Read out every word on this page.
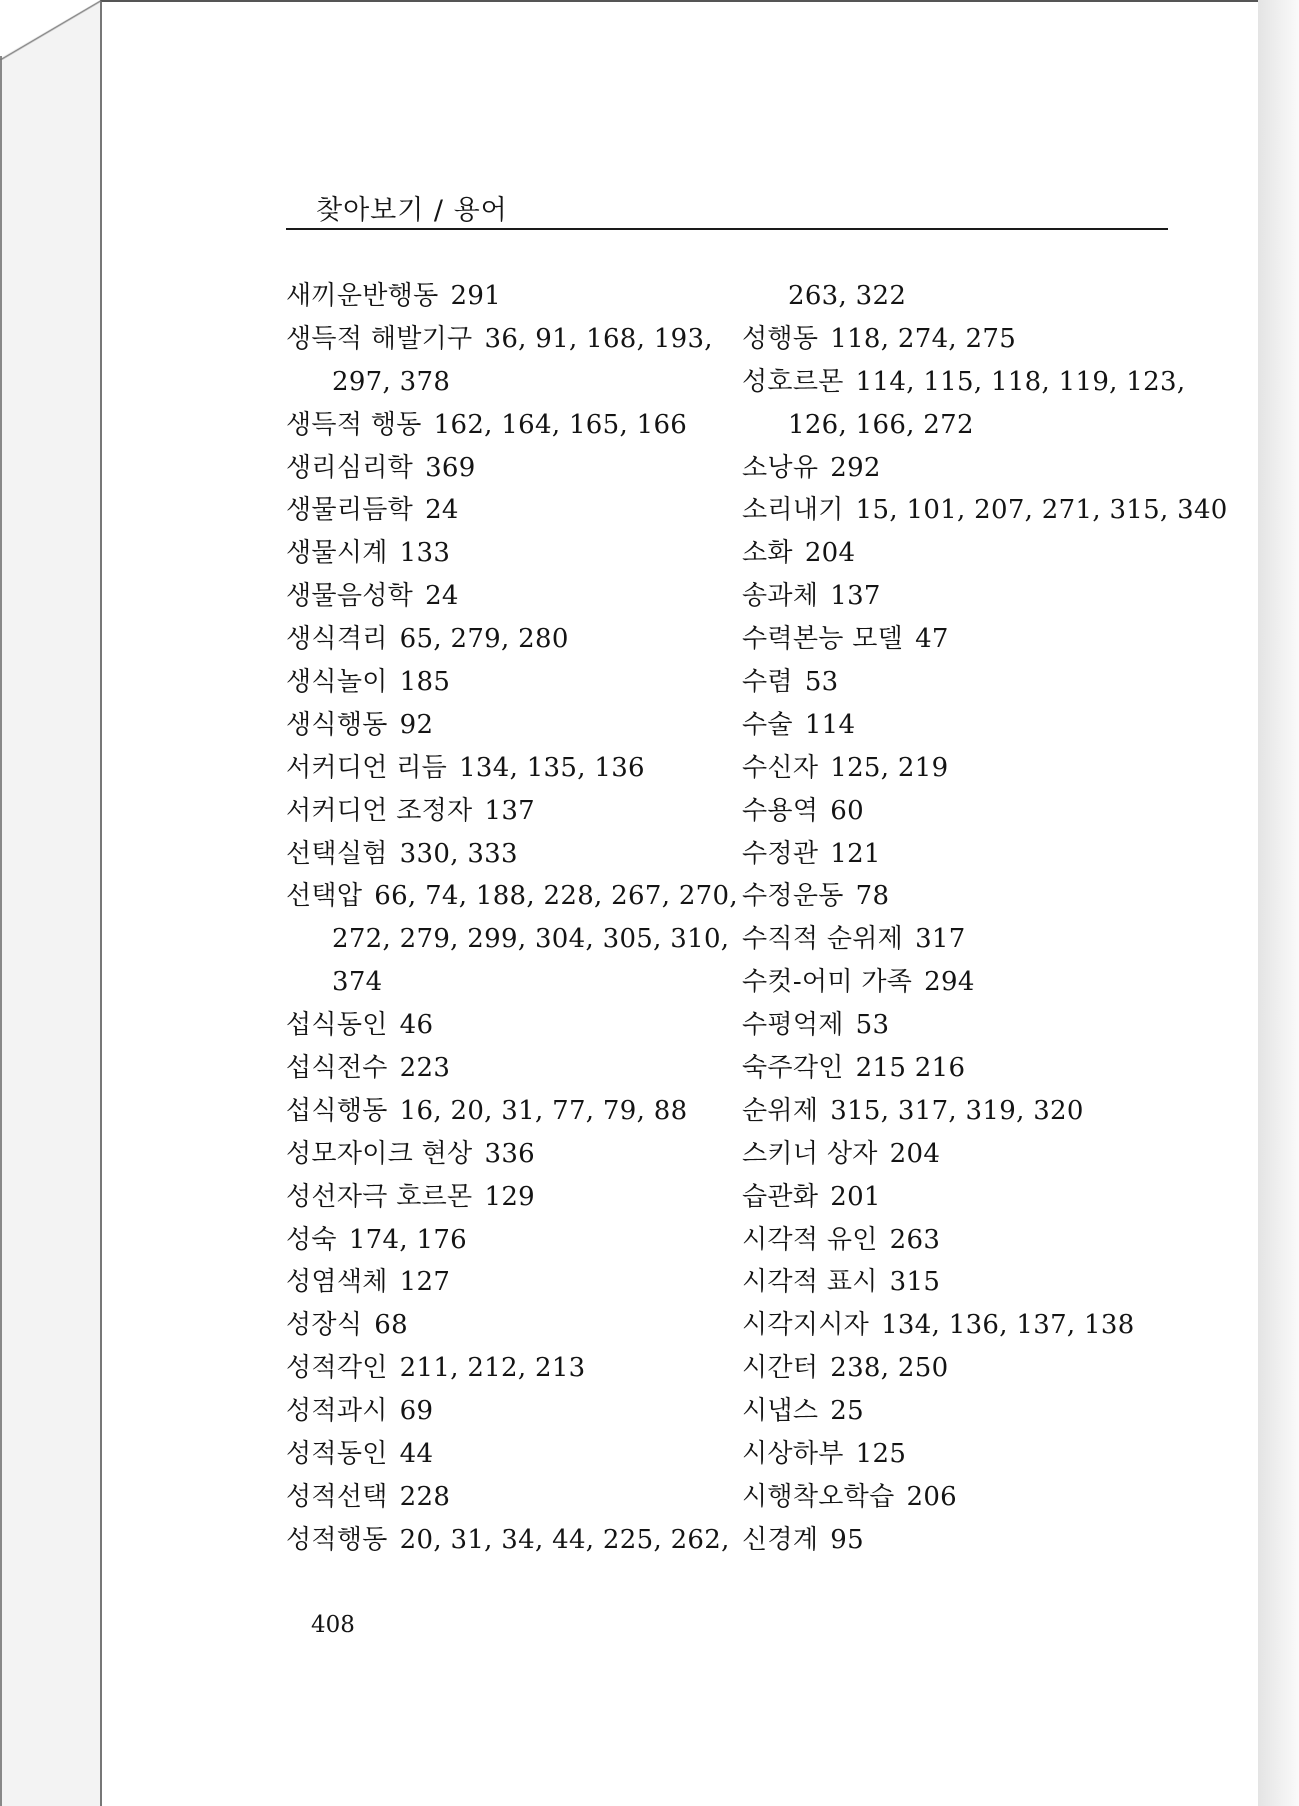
찾아보기 / 용어
새끼운반행동 291
생득적 해발기구 36, 91, 168, 193,
297, 378
생득적 행동 162, 164, 165, 166
생리심리학 369
생물리듬학 24
생물시계 133
생물음성학 24
생식격리 65, 279, 280
생식놀이 185
생식행동 92
서커디언 리듬 134, 135, 136
서커디언 조정자 137
선택실험 330, 333
선택압 66, 74, 188, 228, 267, 270,
272, 279, 299, 304, 305, 310,
374
섭식동인 46
섭식전수 223
섭식행동 16, 20, 31, 77, 79, 88
성모자이크 현상 336
성선자극 호르몬 129
성숙 174, 176
성염색체 127
성장식 68
성적각인 211, 212, 213
성적과시 69
성적동인 44
성적선택 228
성적행동 20, 31, 34, 44, 225, 262,
263, 322
성행동 118, 274, 275
성호르몬 114, 115, 118, 119, 123,
126, 166, 272
소낭유 292
소리내기 15, 101, 207, 271, 315, 340
소화 204
송과체 137
수력본능 모델 47
수렴 53
수술 114
수신자 125, 219
수용역 60
수정관 121
수정운동 78
수직적 순위제 317
수컷-어미 가족 294
수평억제 53
숙주각인 215 216
순위제 315, 317, 319, 320
스키너 상자 204
습관화 201
시각적 유인 263
시각적 표시 315
시각지시자 134, 136, 137, 138
시간터 238, 250
시냅스 25
시상하부 125
시행착오학습 206
신경계 95
408
